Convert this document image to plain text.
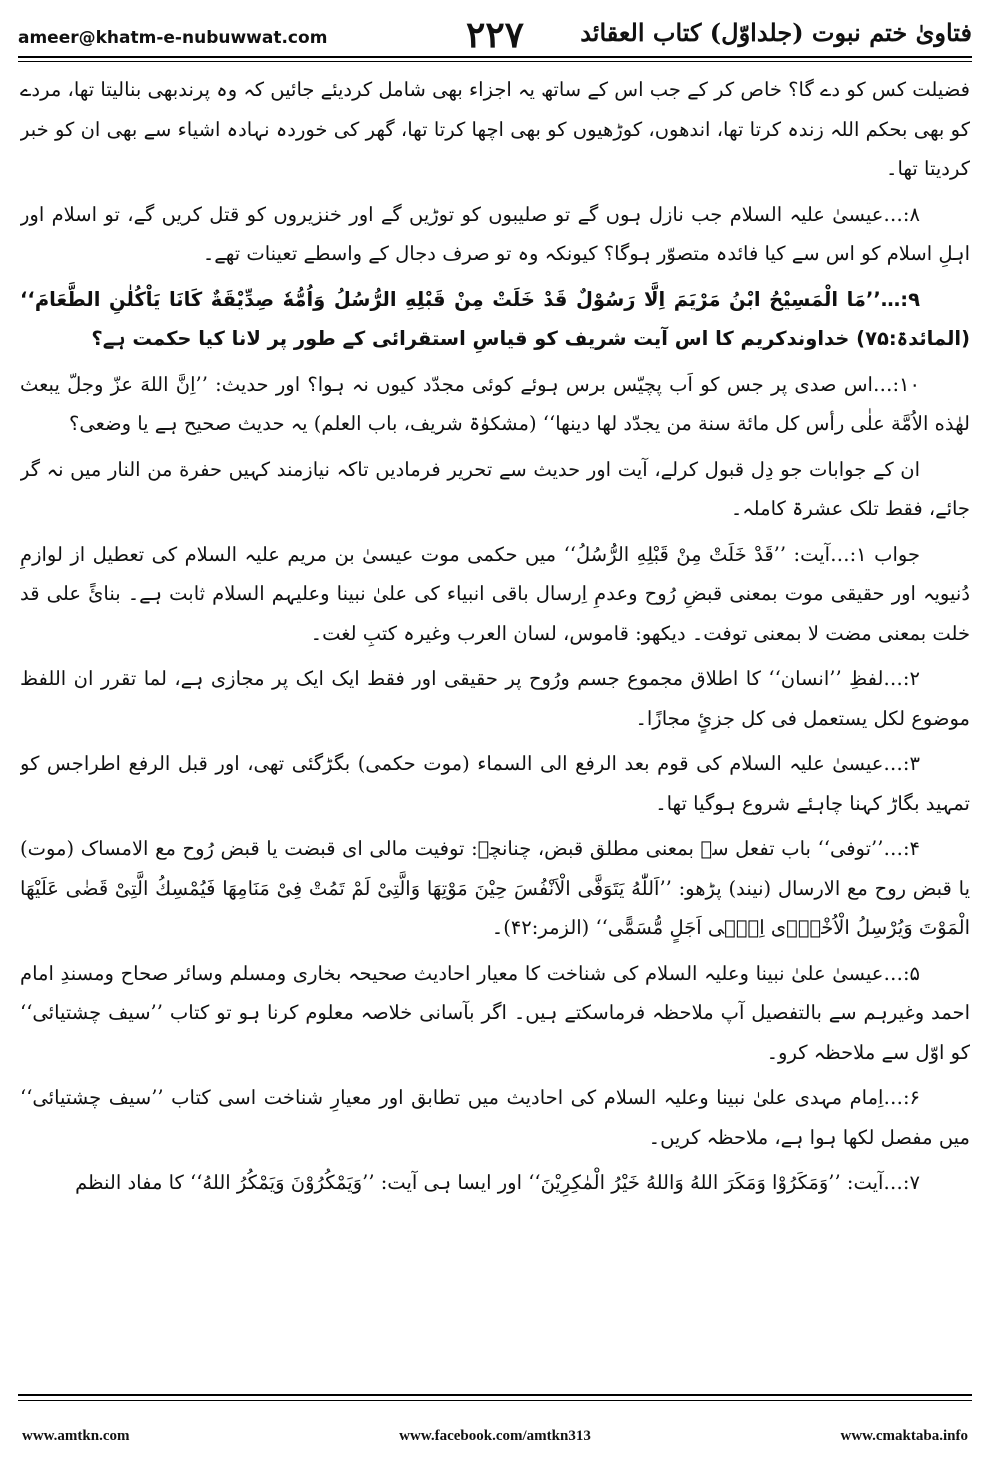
ameer@khatm-e-nubuwwat.com	۲۲۷	فتاوىٰ ختم نبوت (جلداوّل) کتاب العقائد

فضیلت کس کو دے گا؟ خاص کر کے جب اس کے ساتھ یہ اجزاء بھی شامل کردیئے جائیں کہ وہ پرندبھی بنالیتا تھا، مردے کو بھی بحکم اللہ زندہ کرتا تھا، اندھوں، کوڑھیوں کو بھی اچھا کرتا تھا، گھر کی خوردہ نہادہ اشیاء سے بھی ان کو خبر کردیتا تھا۔

۸:…عیسیٰ علیہ السلام جب نازل ہوں گے تو صلیبوں کو توڑیں گے اور خنزیروں کو قتل کریں گے، تو اسلام اور اہلِ اسلام کو اس سے کیا فائدہ متصوّر ہوگا؟ کیونکہ وہ تو صرف دجال کے واسطے تعینات تھے۔

۹:…’’مَا الْمَسِیْحُ ابْنُ مَرْیَمَ اِلَّا رَسُوْلٌ قَدْ خَلَتْ مِنْ قَبْلِهِ الرُّسُلُ وَاُمُّهٗ صِدِّیْقَةٌ كَانَا یَاْكُلٰنِ الطَّعَامَ‘‘ (المائدۃ:۷۵) خداوندکریم کا اس آیت شریف کو قیاسِ استقرائی کے طور پر لانا کیا حکمت ہے؟

۱۰:…اس صدی پر جس کو اَب پچیّس برس ہوئے کوئی مجدّد کیوں نہ ہوا؟ اور حدیث: ’’اِنَّ اللهَ عزّ وجلّ یبعث لهٰذه الاُمَّة علٰی رأس کل مائة سنة من یجدّد لها دینها‘‘ (مشکوٰۃ شریف، باب العلم) یہ حدیث صحیح ہے یا وضعی؟

ان کے جوابات جو دِل قبول کرلے، آیت اور حدیث سے تحریر فرمادیں تاکہ نیازمند کہیں حفرة من النار میں نہ گر جائے، فقط تلک عشرۃ کاملہ۔

جواب ۱:…آیت: ’’قَدْ خَلَتْ مِنْ قَبْلِهِ الرُّسُلُ‘‘ میں حکمی موت عیسیٰ بن مریم علیہ السلام کی تعطیل از لوازمِ دُنیویہ اور حقیقی موت بمعنی قبضِ رُوح وعدمِ اِرسال باقی انبیاء کی علیٰ نبینا وعلیہم السلام ثابت ہے۔ بنائً علی قد خلت بمعنی مضت لا بمعنی توفت۔ دیکھو: قاموس، لسان العرب وغیرہ کتبِ لغت۔

۲:…لفظِ ’’انسان‘‘ کا اطلاق مجموع جسم ورُوح پر حقیقی اور فقط ایک ایک پر مجازی ہے، لما تقرر ان اللفظ موضوع لکل یستعمل فی کل جزئٍ مجازًا۔

۳:…عیسیٰ علیہ السلام کی قوم بعد الرفع الی السماء (موت حکمی) بگڑگئی تھی، اور قبل الرفع اطراجس کو تمہید بگاڑ کہنا چاہئے شروع ہوگیا تھا۔

۴:…’’توفی‘‘ باب تفعل سے بمعنی مطلق قبض، چنانچہ: توفیت مالی ای قبضت یا قبض رُوح مع الامساک (موت) یا قبض روح مع الارسال (نیند) پڑھو: ’’اَللّٰهُ یَتَوَفَّى الْاَنْفُسَ حِیْنَ مَوْتِهَا وَالَّتِیْ لَمْ تَمُتْ فِیْ مَنَامِهَا فَیُمْسِكُ الَّتِیْ قَضٰى عَلَیْهَا الْمَوْتَ وَیُرْسِلُ الْاُخْرٰۤى اِلٰۤى اَجَلٍ مُّسَمًّى‘‘ (الزمر:۴۲)۔

۵:…عیسیٰ علیٰ نبینا وعلیہ السلام کی شناخت کا معیار احادیث صحیحہ بخاری ومسلم وسائر صحاح ومسندِ امام احمد وغیرہم سے بالتفصیل آپ ملاحظہ فرماسکتے ہیں۔ اگر بآسانی خلاصہ معلوم کرنا ہو تو کتاب ’’سیف چشتیائی‘‘ کو اوّل سے ملاحظہ کرو۔

۶:…اِمام مہدی علیٰ نبینا وعلیہ السلام کی احادیث میں تطابق اور معیارِ شناخت اسی کتاب ’’سیف چشتیائی‘‘ میں مفصل لکھا ہوا ہے، ملاحظہ کریں۔

۷:…آیت: ’’وَمَكَرُوْا وَمَكَرَ اللهُ وَاللهُ خَیْرُ الْمٰكِرِیْنَ‘‘ اور ایسا ہی آیت: ’’وَیَمْكُرُوْنَ وَیَمْكُرُ اللهُ‘‘ کا مفاد النظم

www.amtkn.com	www.facebook.com/amtkn313	www.cmaktaba.info
